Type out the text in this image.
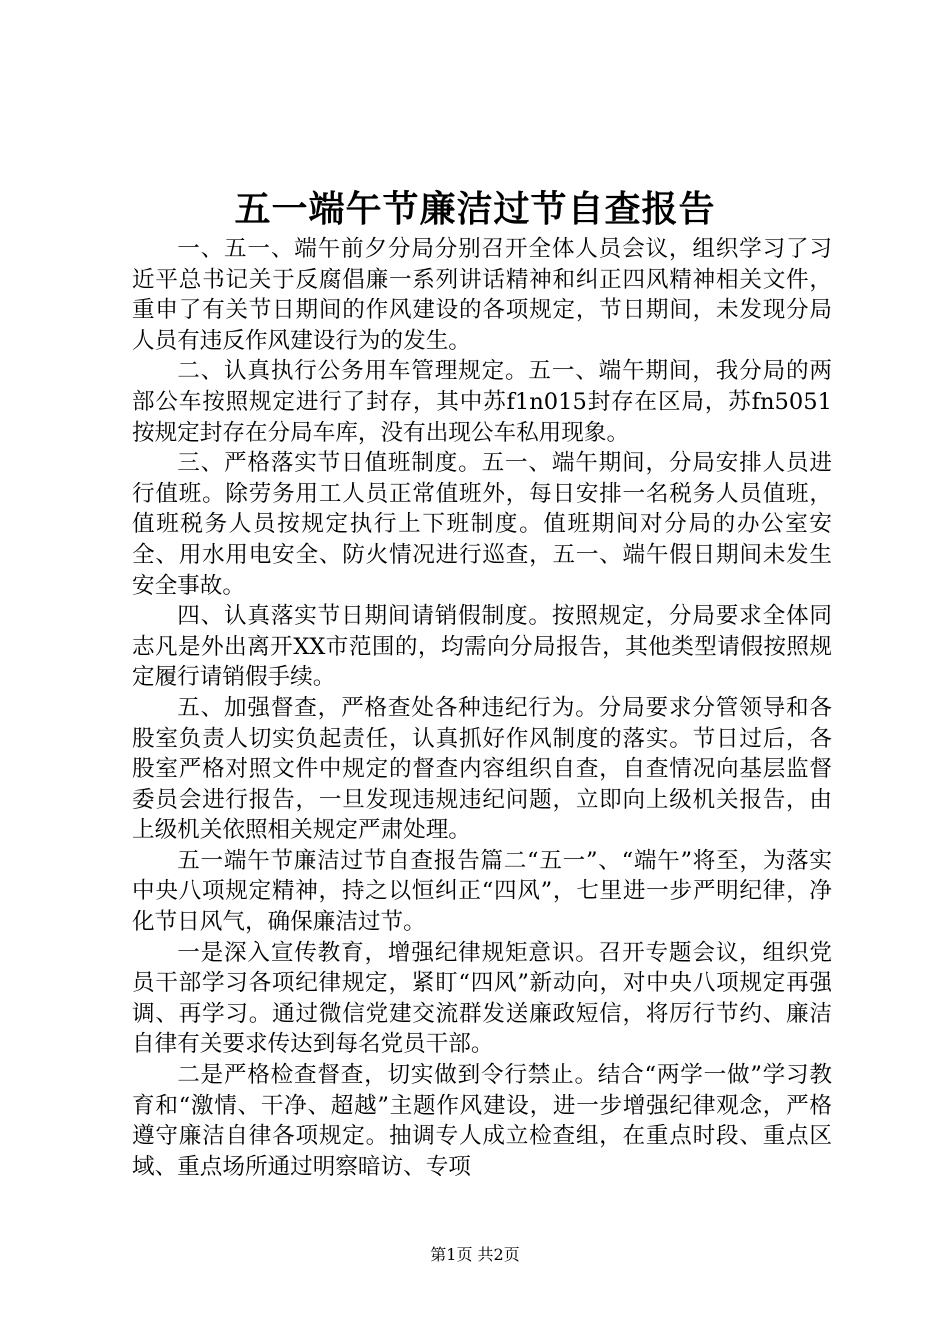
五一端午节廉洁过节自查报告

一、五一、端午前夕分局分别召开全体人员会议，组织学习了习近平总书记关于反腐倡廉一系列讲话精神和纠正四风精神相关文件，重申了有关节日期间的作风建设的各项规定，节日期间，未发现分局人员有违反作风建设行为的发生。

二、认真执行公务用车管理规定。五一、端午期间，我分局的两部公车按照规定进行了封存，其中苏f1n015封存在区局，苏fn5051按规定封存在分局车库，没有出现公车私用现象。

三、严格落实节日值班制度。五一、端午期间，分局安排人员进行值班。除劳务用工人员正常值班外，每日安排一名税务人员值班，值班税务人员按规定执行上下班制度。值班期间对分局的办公室安全、用水用电安全、防火情况进行巡查，五一、端午假日期间未发生安全事故。

四、认真落实节日期间请销假制度。按照规定，分局要求全体同志凡是外出离开XX市范围的，均需向分局报告，其他类型请假按照规定履行请销假手续。

五、加强督查，严格查处各种违纪行为。分局要求分管领导和各股室负责人切实负起责任，认真抓好作风制度的落实。节日过后，各股室严格对照文件中规定的督查内容组织自查，自查情况向基层监督委员会进行报告，一旦发现违规违纪问题，立即向上级机关报告，由上级机关依照相关规定严肃处理。

五一端午节廉洁过节自查报告篇二“五一”、“端午”将至，为落实中央八项规定精神，持之以恒纠正“四风”，七里进一步严明纪律，净化节日风气，确保廉洁过节。

一是深入宣传教育，增强纪律规矩意识。召开专题会议，组织党员干部学习各项纪律规定，紧盯“四风”新动向，对中央八项规定再强调、再学习。通过微信党建交流群发送廉政短信，将厉行节约、廉洁自律有关要求传达到每名党员干部。

二是严格检查督查，切实做到令行禁止。结合“两学一做”学习教育和“激情、干净、超越”主题作风建设，进一步增强纪律观念，严格遵守廉洁自律各项规定。抽调专人成立检查组，在重点时段、重点区域、重点场所通过明察暗访、专项

第1页 共2页
